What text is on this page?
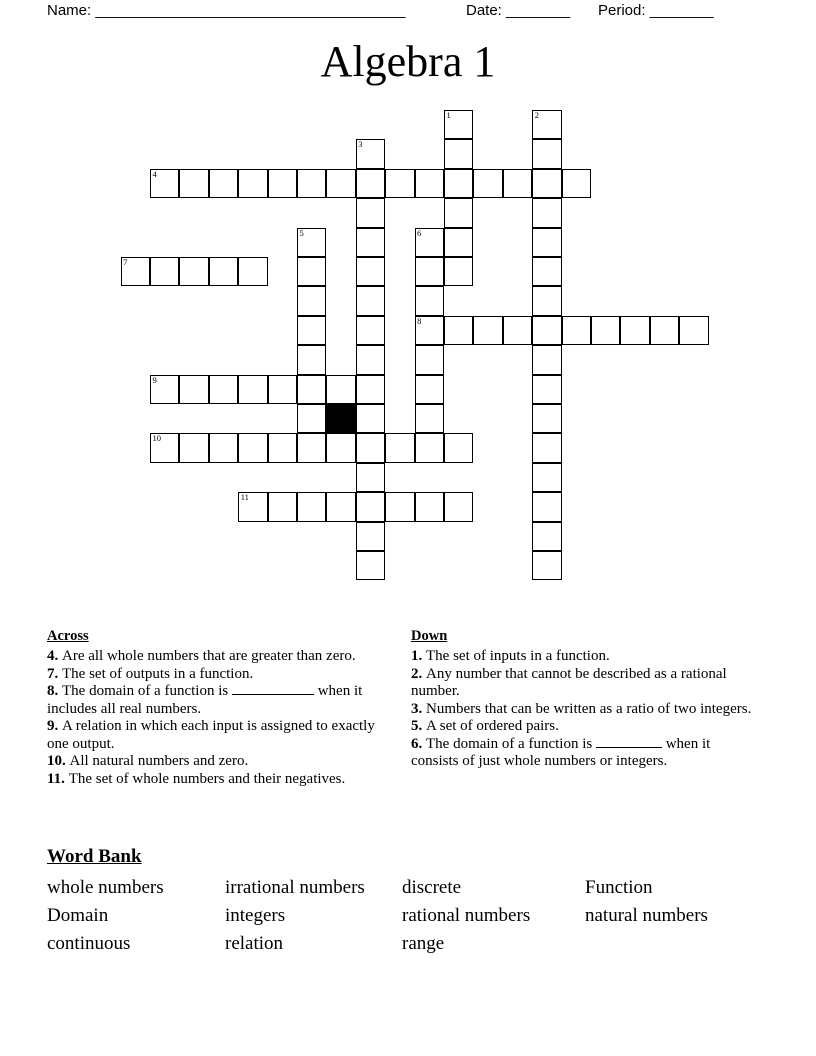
Name: _______________________________________	Date: ________ Period: ________
Algebra 1
1	2
3
4
5	6
7
8
9
10
11
Across
4. Are all whole numbers that are greater than zero.
7. The set of outputs in a function.
8. The domain of a function is	when it includes all real numbers.
9. A relation in which each input is assigned to exactly one output.
10. All natural numbers and zero.
11. The set of whole numbers and their negatives.
Down
1. The set of inputs in a function.
2. Any number that cannot be described as a rational number.
3. Numbers that can be written as a ratio of two integers.
5. A set of ordered pairs.
6. The domain of a function is	when it consists of just whole numbers or integers.
Word Bank
whole numbers	irrational numbers	discrete	Function
Domain	integers	rational numbers	natural numbers
continuous	relation	range	
